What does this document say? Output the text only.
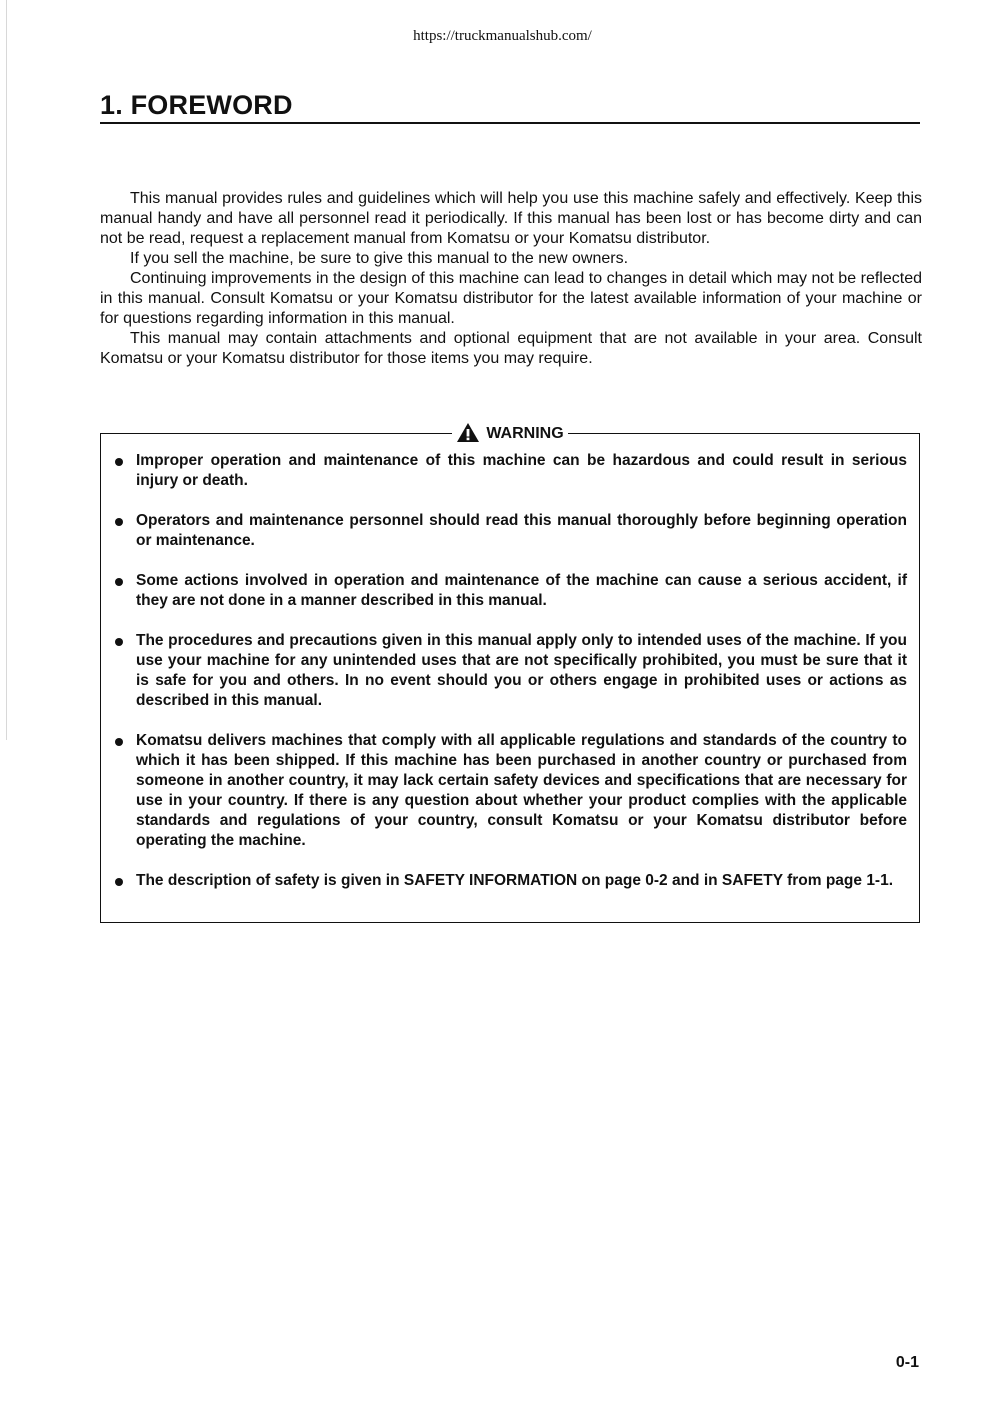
https://truckmanualshub.com/
1. FOREWORD

This manual provides rules and guidelines which will help you use this machine safely and effectively. Keep this manual handy and have all personnel read it periodically. If this manual has been lost or has become dirty and can not be read, request a replacement manual from Komatsu or your Komatsu distributor.

If you sell the machine, be sure to give this manual to the new owners.

Continuing improvements in the design of this machine can lead to changes in detail which may not be reflected in this manual. Consult Komatsu or your Komatsu distributor for the latest available information of your machine or for questions regarding information in this manual.

This manual may contain attachments and optional equipment that are not available in your area. Consult Komatsu or your Komatsu distributor for those items you may require.

WARNING
Improper operation and maintenance of this machine can be hazardous and could result in serious injury or death.
Operators and maintenance personnel should read this manual thoroughly before beginning operation or maintenance.
Some actions involved in operation and maintenance of the machine can cause a serious accident, if they are not done in a manner described in this manual.
The procedures and precautions given in this manual apply only to intended uses of the machine. If you use your machine for any unintended uses that are not specifically prohibited, you must be sure that it is safe for you and others. In no event should you or others engage in prohibited uses or actions as described in this manual.
Komatsu delivers machines that comply with all applicable regulations and standards of the country to which it has been shipped. If this machine has been purchased in another country or purchased from someone in another country, it may lack certain safety devices and specifications that are necessary for use in your country. If there is any question about whether your product complies with the applicable standards and regulations of your country, consult Komatsu or your Komatsu distributor before operating the machine.
The description of safety is given in SAFETY INFORMATION on page 0-2 and in SAFETY from page 1-1.
0-1
